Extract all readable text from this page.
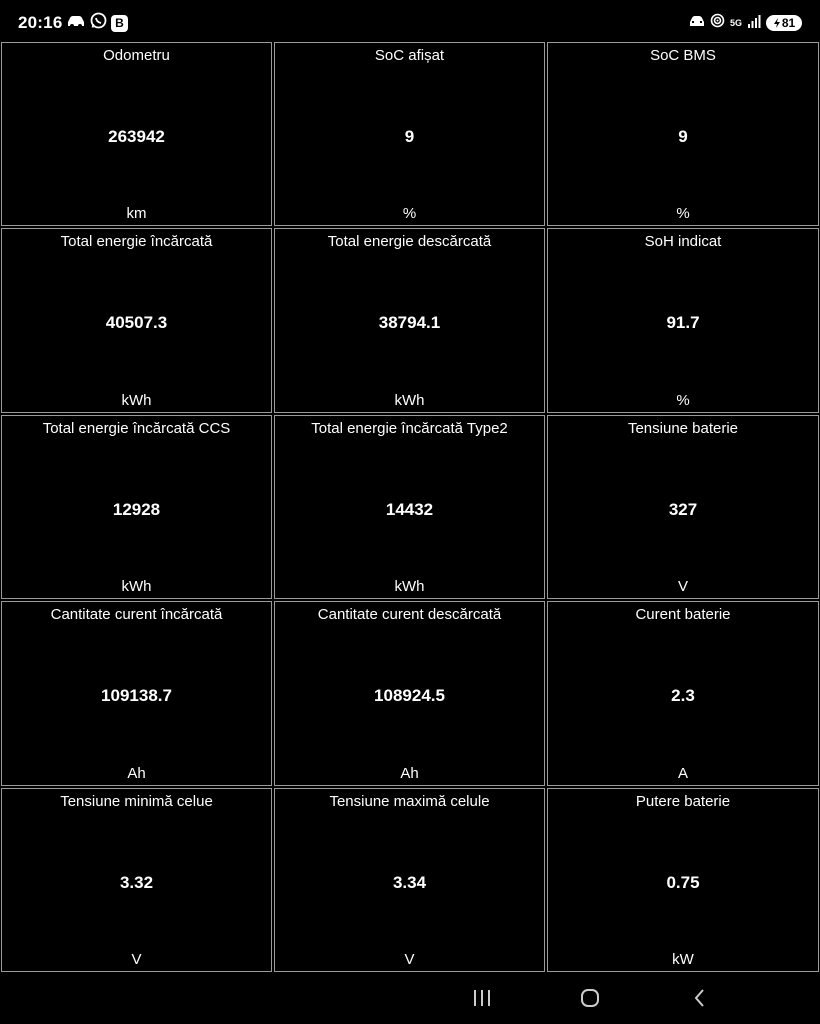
20:16	B	5G	81
Odometru
263942
km
SoC afișat
9
%
SoC BMS
9
%
Total energie încărcată
40507.3
kWh
Total energie descărcată
38794.1
kWh
SoH indicat
91.7
%
Total energie încărcată CCS
12928
kWh
Total energie încărcată Type2
14432
kWh
Tensiune baterie
327
V
Cantitate curent încărcată
109138.7
Ah
Cantitate curent descărcată
108924.5
Ah
Curent baterie
2.3
A
Tensiune minimă celue
3.32
V
Tensiune maximă celule
3.34
V
Putere baterie
0.75
kW
